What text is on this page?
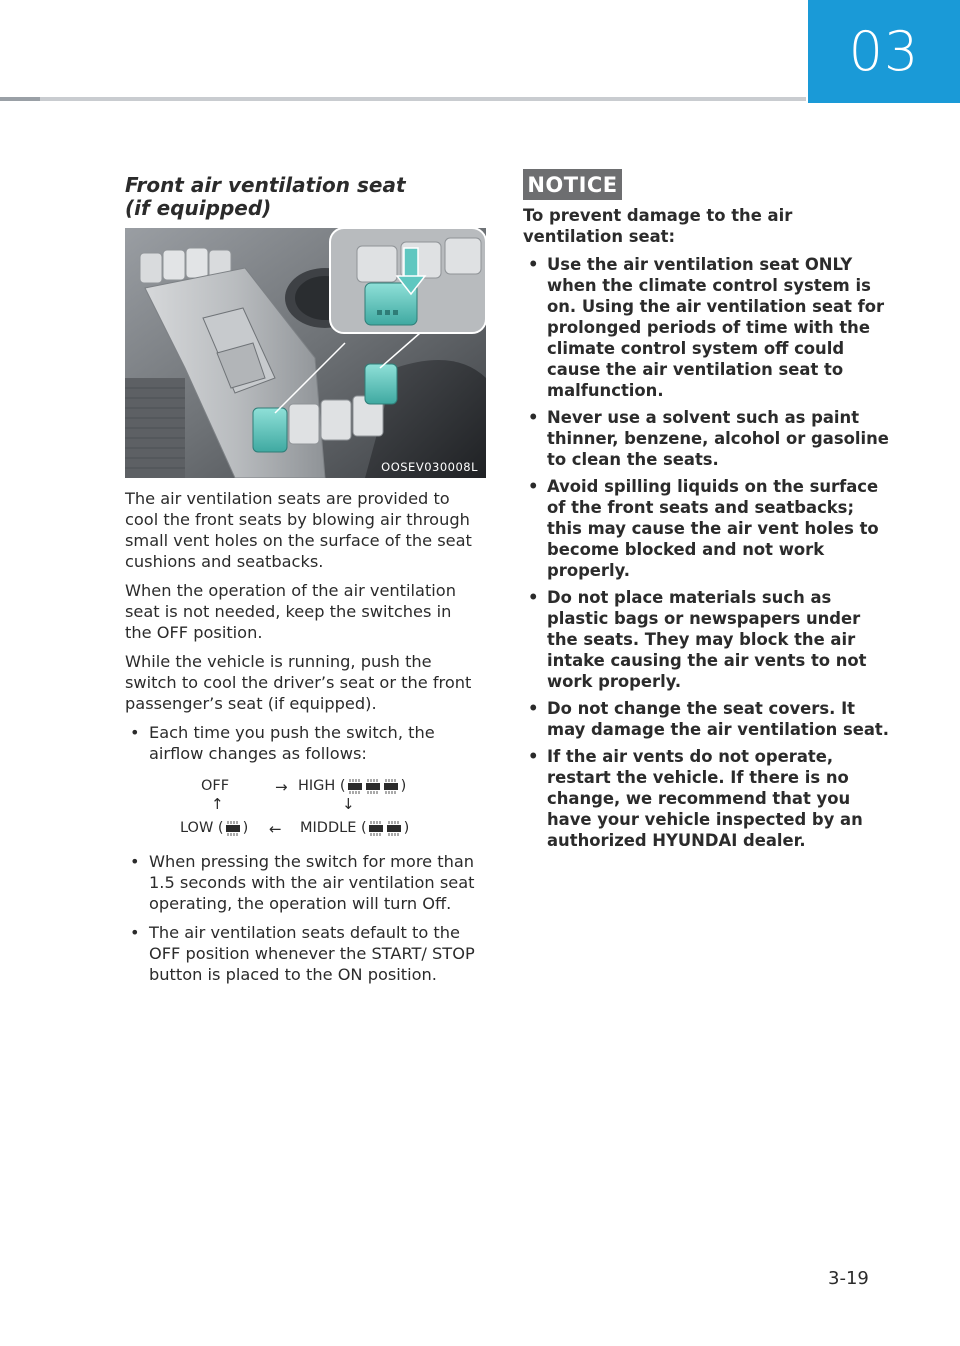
03
Front air ventilation seat
(if equipped)
OOSEV030008L

The air ventilation seats are provided to cool the front seats by blowing air through small vent holes on the surface of the seat cushions and seatbacks.

When the operation of the air ventilation seat is not needed, keep the switches in the OFF position.

While the vehicle is running, push the switch to cool the driver’s seat or the front passenger’s seat (if equipped).

• Each time you push the switch, the airflow changes as follows:
OFF	→ HIGH (	)
↑	↓
LOW ( ) ← MIDDLE (	)
• When pressing the switch for more than 1.5 seconds with the air ventilation seat operating, the operation will turn Off.
• The air ventilation seats default to the OFF position whenever the START/ STOP button is placed to the ON position.
NOTICE

To prevent damage to the air ventilation seat:

• Use the air ventilation seat ONLY when the climate control system is on. Using the air ventilation seat for prolonged periods of time with the climate control system off could cause the air ventilation seat to malfunction.
• Never use a solvent such as paint thinner, benzene, alcohol or gasoline to clean the seats.
• Avoid spilling liquids on the surface of the front seats and seatbacks; this may cause the air vent holes to become blocked and not work properly.
• Do not place materials such as plastic bags or newspapers under the seats. They may block the air intake causing the air vents to not work properly.
• Do not change the seat covers. It may damage the air ventilation seat.
• If the air vents do not operate, restart the vehicle. If there is no change, we recommend that you have your vehicle inspected by an authorized HYUNDAI dealer.
3-19
